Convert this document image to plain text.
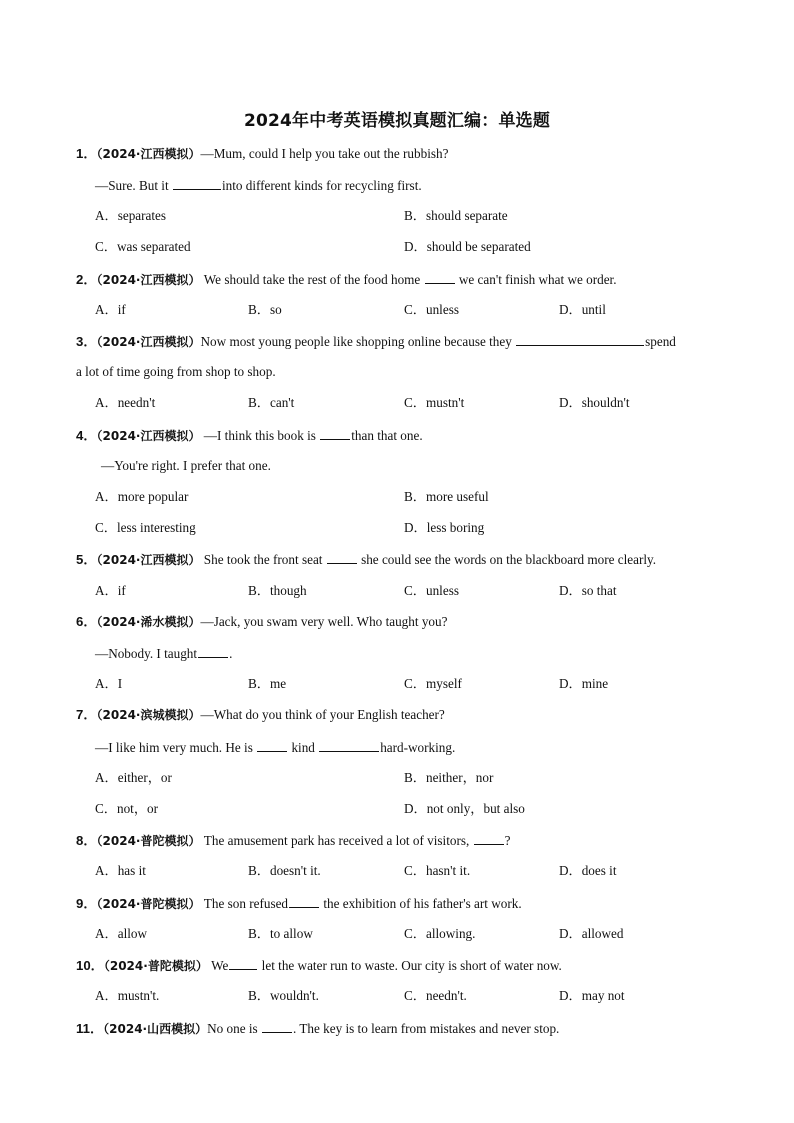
2024年中考英语模拟真题汇编：单选题
1．（2024·江西模拟）—Mum, could I help you take out the rubbish?
—Sure. But it	into different kinds for recycling first.
A．separates	B．should separate
C．was separated	D．should be separated
2．（2024·江西模拟） We should take the rest of the food home  we can't finish what we order.
A．if	B．so	C．unless	D．until
3．（2024·江西模拟）Now most young people like shopping online because they	spend
a lot of time going from shop to shop.
A．needn't	B．can't	C．mustn't	D．shouldn't
4．（2024·江西模拟） —I think this book is than that one.
—You're right. I prefer that one.
A．more popular	B．more useful
C．less interesting	D．less boring
5．（2024·江西模拟） She took the front seat  she could see the words on the blackboard more clearly.
A．if	B．though	C．unless	D．so that
6．（2024·浠水模拟）—Jack, you swam very well. Who taught you?
—Nobody. I taught .
A．I	B．me	C．myself	D．mine
7．（2024·滨城模拟）—What do you think of your English teacher?
—I like him very much. He is  kind	hard-working.
A．either，or	B．neither，nor
C．not，or	D．not only，but also
8．（2024·普陀模拟） The amusement park has received a lot of visitors, ?
A．has it	B．doesn't it.	C．hasn't it.	D．does it
9．（2024·普陀模拟） The son refused the exhibition of his father's art work.
A．allow	B．to allow	C．allowing.	D．allowed
10．（2024·普陀模拟） We let the water run to waste. Our city is short of water now.
A．mustn't.	B．wouldn't.	C．needn't.	D．may not
11．（2024·山西模拟）No one is . The key is to learn from mistakes and never stop.
